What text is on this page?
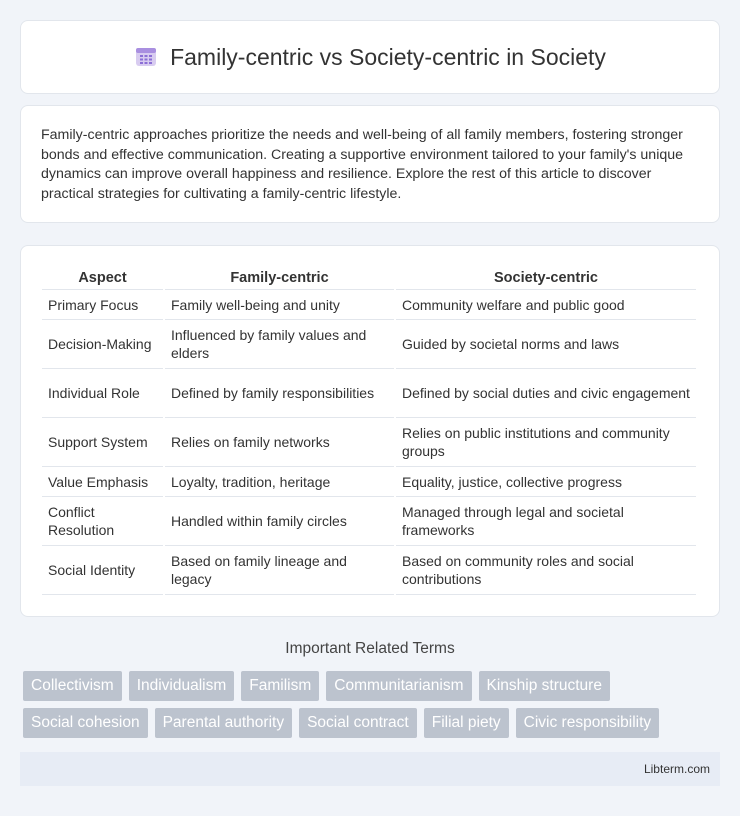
Family-centric vs Society-centric in Society

Family-centric approaches prioritize the needs and well-being of all family members, fostering stronger bonds and effective communication. Creating a supportive environment tailored to your family's unique dynamics can improve overall happiness and resilience. Explore the rest of this article to discover practical strategies for cultivating a family-centric lifestyle.

Aspect	Family-centric	Society-centric
Primary Focus	Family well-being and unity	Community welfare and public good
Decision-Making	Influenced by family values and elders	Guided by societal norms and laws
Individual Role	Defined by family responsibilities	Defined by social duties and civic engagement
Support System	Relies on family networks	Relies on public institutions and community groups
Value Emphasis	Loyalty, tradition, heritage	Equality, justice, collective progress
Conflict Resolution	Handled within family circles	Managed through legal and societal frameworks
Social Identity	Based on family lineage and legacy	Based on community roles and social contributions
Important Related Terms
Collectivism	Individualism	Familism	Communitarianism	Kinship structure
Social cohesion	Parental authority	Social contract	Filial piety	Civic responsibility
Libterm.com
